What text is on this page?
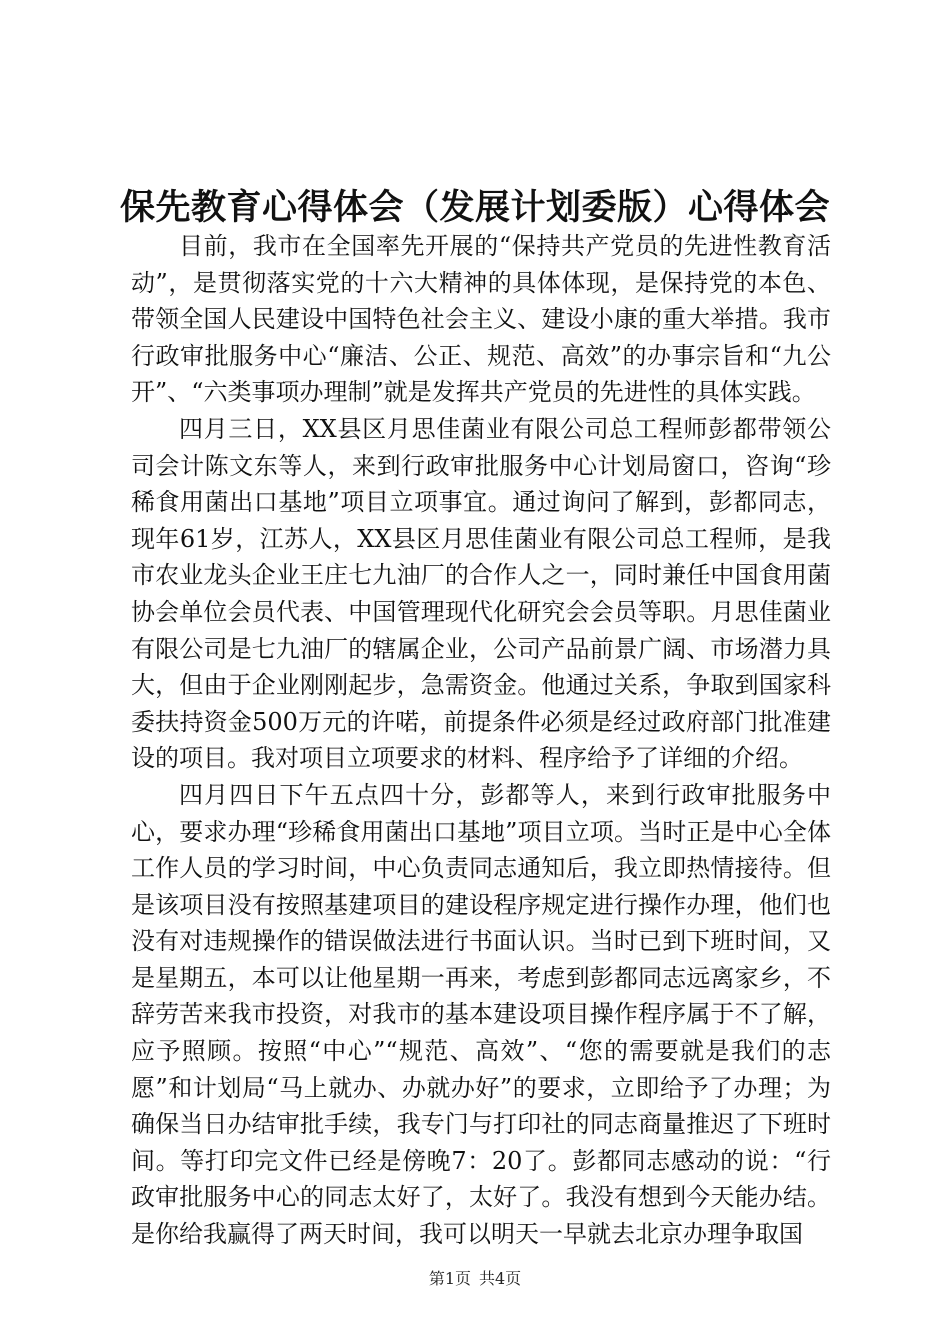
保先教育心得体会（发展计划委版）心得体会

目前，我市在全国率先开展的“保持共产党员的先进性教育活动”，是贯彻落实党的十六大精神的具体体现，是保持党的本色、带领全国人民建设中国特色社会主义、建设小康的重大举措。我市行政审批服务中心“廉洁、公正、规范、高效”的办事宗旨和“九公开”、“六类事项办理制”就是发挥共产党员的先进性的具体实践。

四月三日，XX县区月思佳菌业有限公司总工程师彭都带领公司会计陈文东等人，来到行政审批服务中心计划局窗口，咨询“珍稀食用菌出口基地”项目立项事宜。通过询问了解到，彭都同志，现年61岁，江苏人，XX县区月思佳菌业有限公司总工程师，是我市农业龙头企业王庄七九油厂的合作人之一，同时兼任中国食用菌协会单位会员代表、中国管理现代化研究会会员等职。月思佳菌业有限公司是七九油厂的辖属企业，公司产品前景广阔、市场潜力具大，但由于企业刚刚起步，急需资金。他通过关系，争取到国家科委扶持资金500万元的许喏，前提条件必须是经过政府部门批准建设的项目。我对项目立项要求的材料、程序给予了详细的介绍。

四月四日下午五点四十分，彭都等人，来到行政审批服务中心，要求办理“珍稀食用菌出口基地”项目立项。当时正是中心全体工作人员的学习时间，中心负责同志通知后，我立即热情接待。但是该项目没有按照基建项目的建设程序规定进行操作办理，他们也没有对违规操作的错误做法进行书面认识。当时已到下班时间，又是星期五，本可以让他星期一再来，考虑到彭都同志远离家乡，不辞劳苦来我市投资，对我市的基本建设项目操作程序属于不了解，应予照顾。按照“中心”“规范、高效”、“您的需要就是我们的志愿”和计划局“马上就办、办就办好”的要求，立即给予了办理；为确保当日办结审批手续，我专门与打印社的同志商量推迟了下班时间。等打印完文件已经是傍晚7：20了。彭都同志感动的说：“行政审批服务中心的同志太好了，太好了。我没有想到今天能办结。是你给我赢得了两天时间，我可以明天一早就去北京办理争取国

第1页 共4页
